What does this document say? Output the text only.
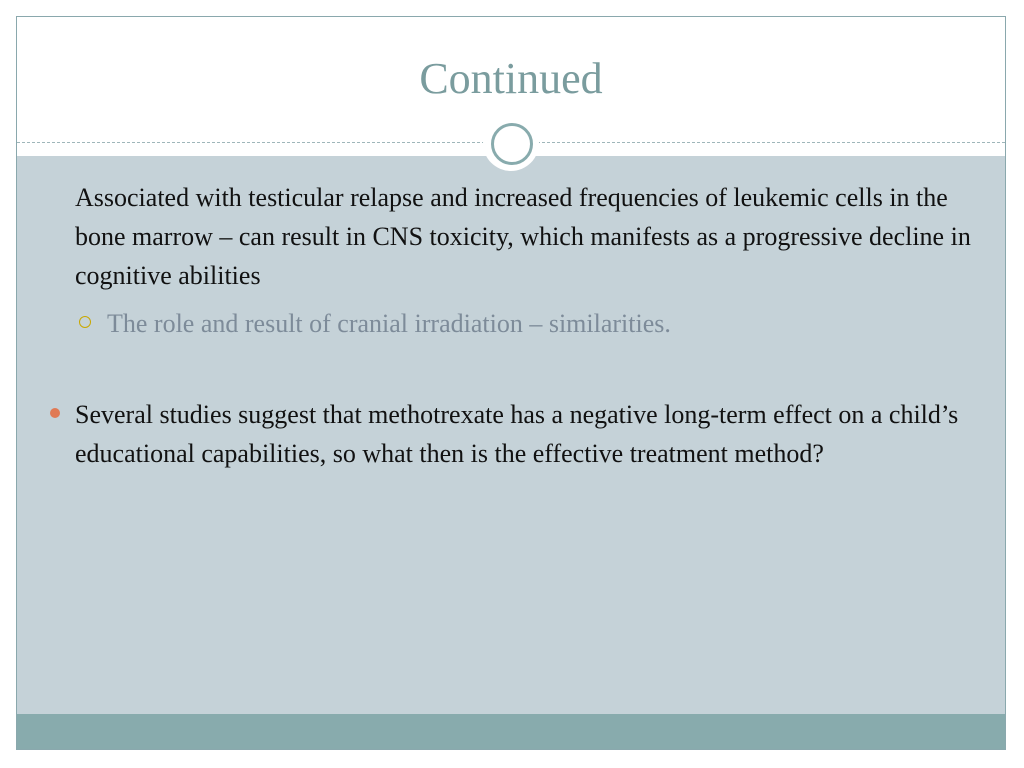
Continued
Associated with testicular relapse and increased frequencies of leukemic cells in the bone marrow – can result in CNS toxicity, which manifests as a progressive decline in cognitive abilities
The role and result of cranial irradiation – similarities.
Several studies suggest that methotrexate has a negative long-term effect on a child’s educational capabilities, so what then is the effective treatment method?
